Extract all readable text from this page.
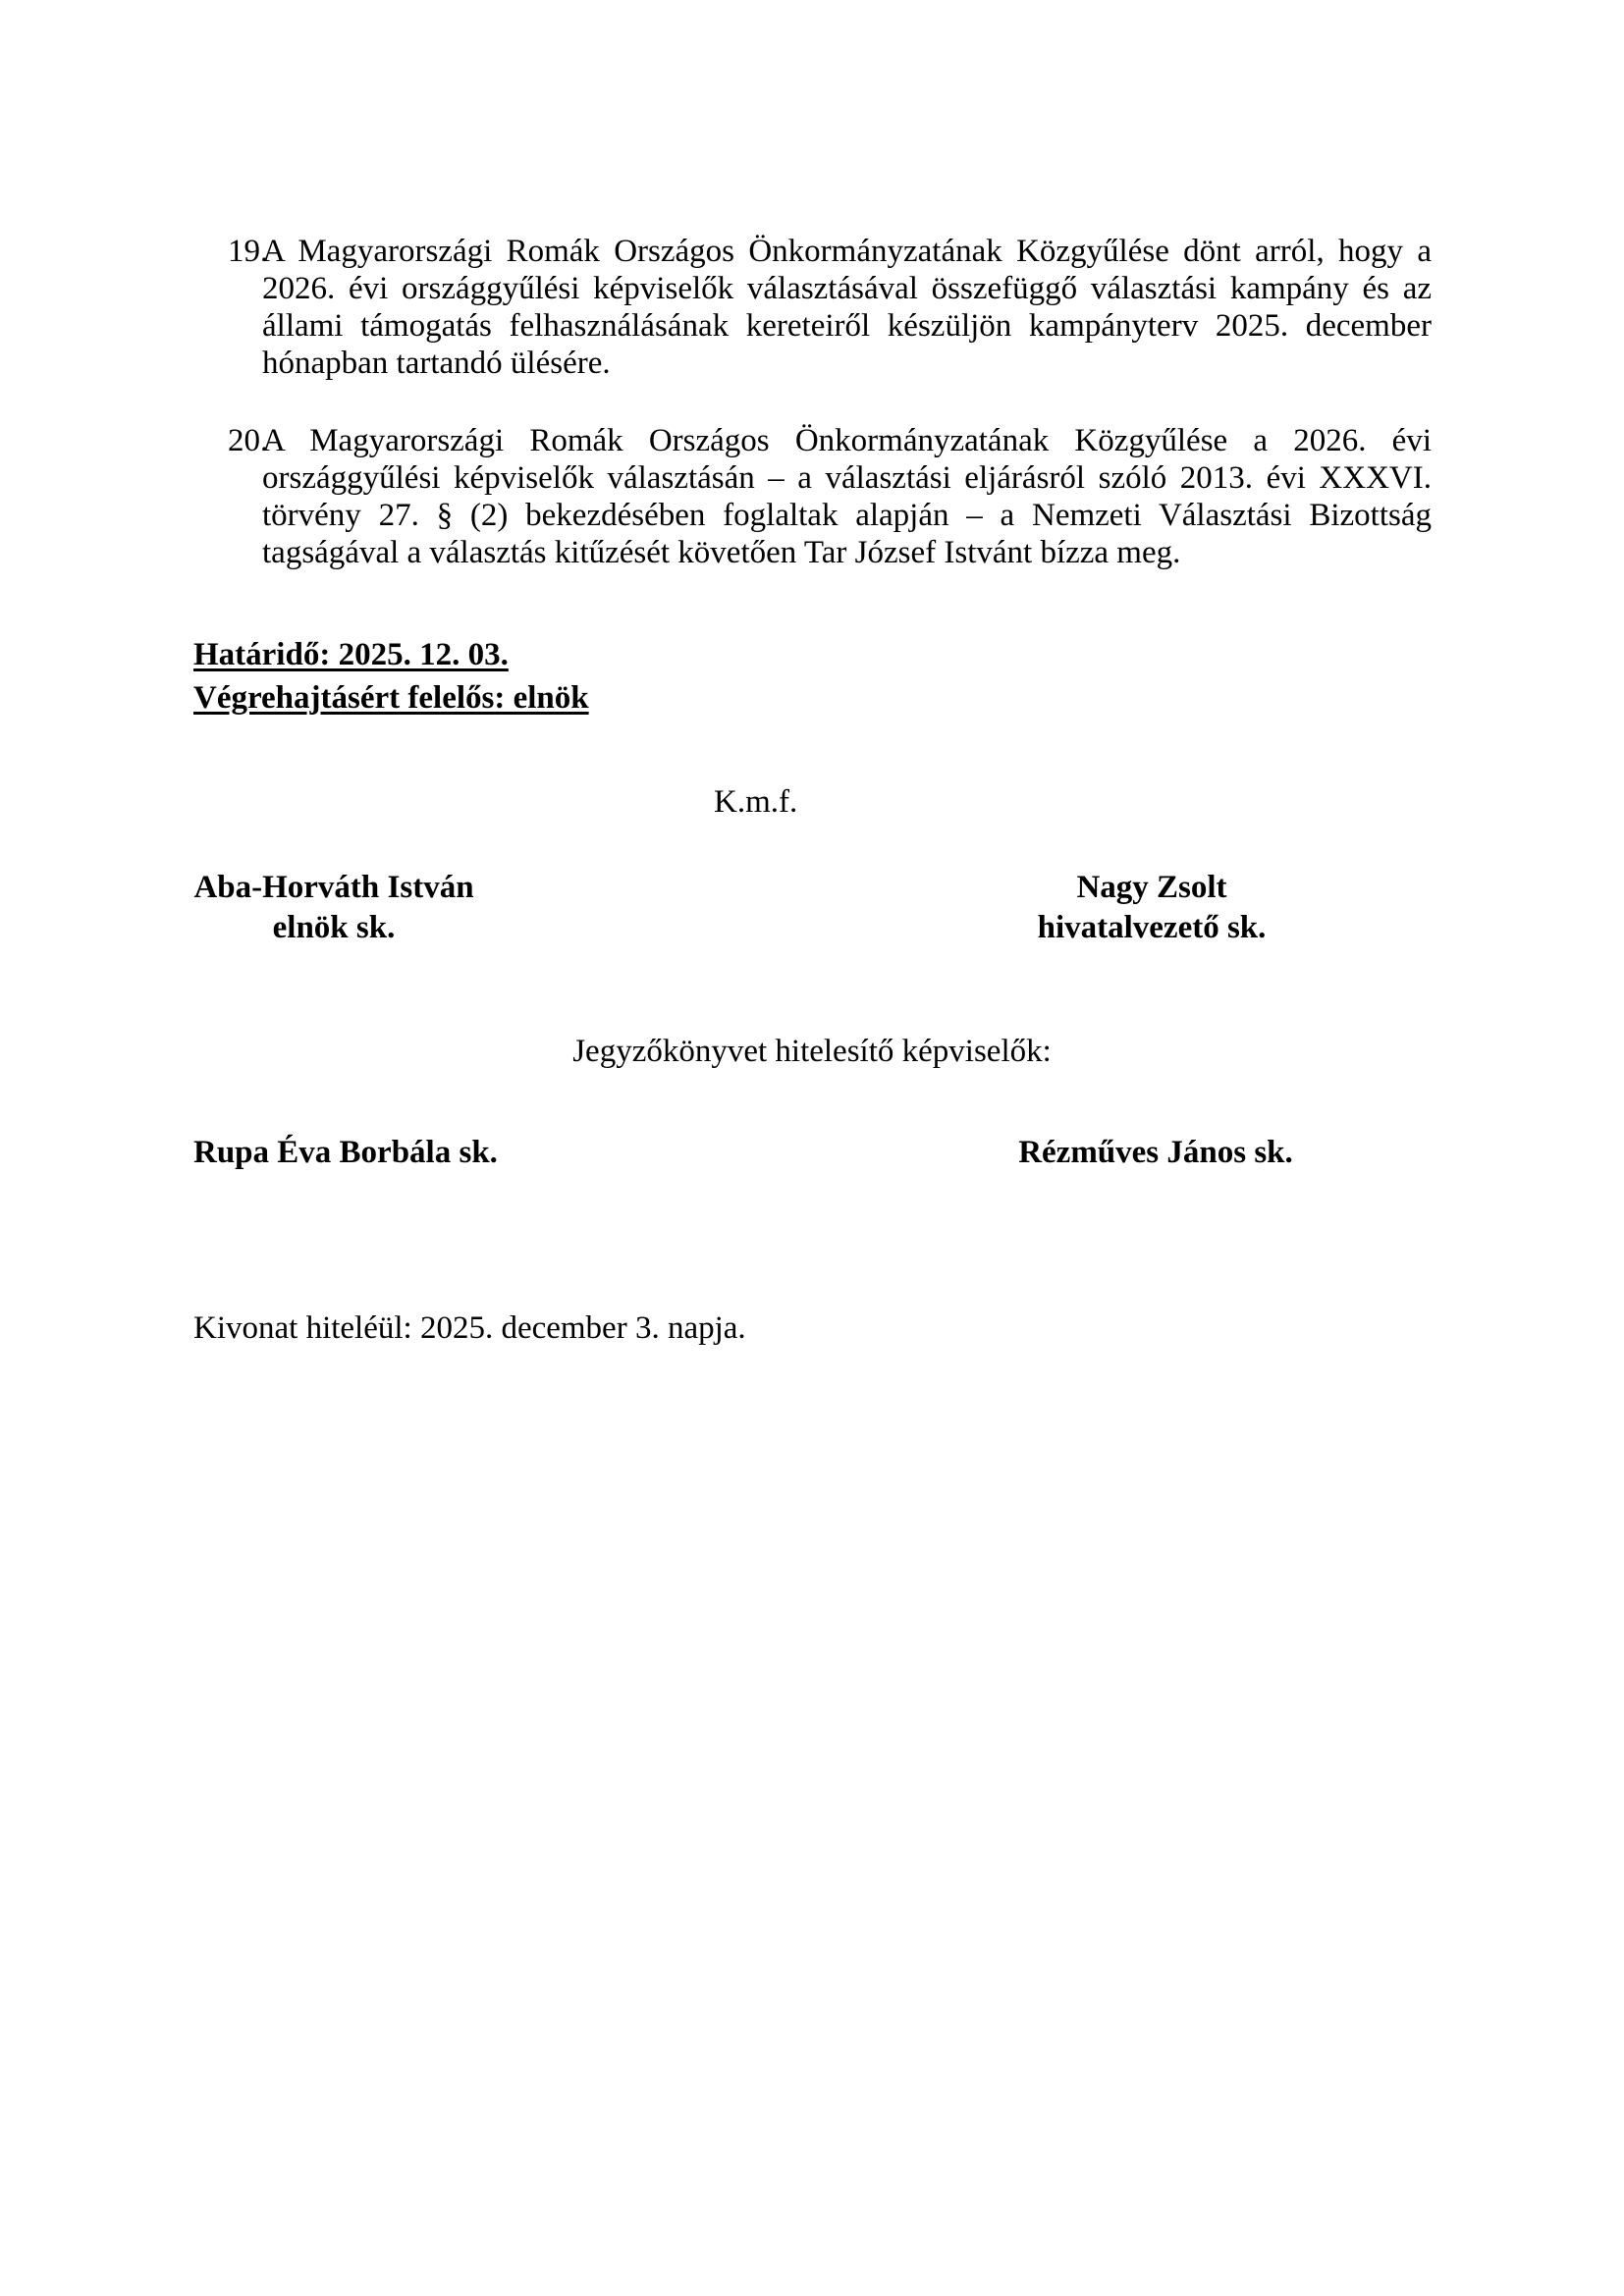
19.
A Magyarországi Romák Országos Önkormányzatának Közgyűlése dönt arról, hogy a 2026. évi országgyűlési képviselők választásával összefüggő választási kampány és az állami támogatás felhasználásának kereteiről készüljön kampányterv 2025. december hónapban tartandó ülésére.
20.
A Magyarországi Romák Országos Önkormányzatának Közgyűlése a 2026. évi országgyűlési képviselők választásán – a választási eljárásról szóló 2013. évi XXXVI. törvény 27. § (2) bekezdésében foglaltak alapján – a Nemzeti Választási Bizottság tagságával a választás kitűzését követően Tar József Istvánt bízza meg.
Határidő: 2025. 12. 03.
Végrehajtásért felelős: elnök
K.m.f.
Aba-Horváth István
elnök sk.
Nagy Zsolt
hivatalvezető sk.
Jegyzőkönyvet hitelesítő képviselők:
Rupa Éva Borbála sk.	Rézműves János sk.
Kivonat hiteléül: 2025. december 3. napja.
